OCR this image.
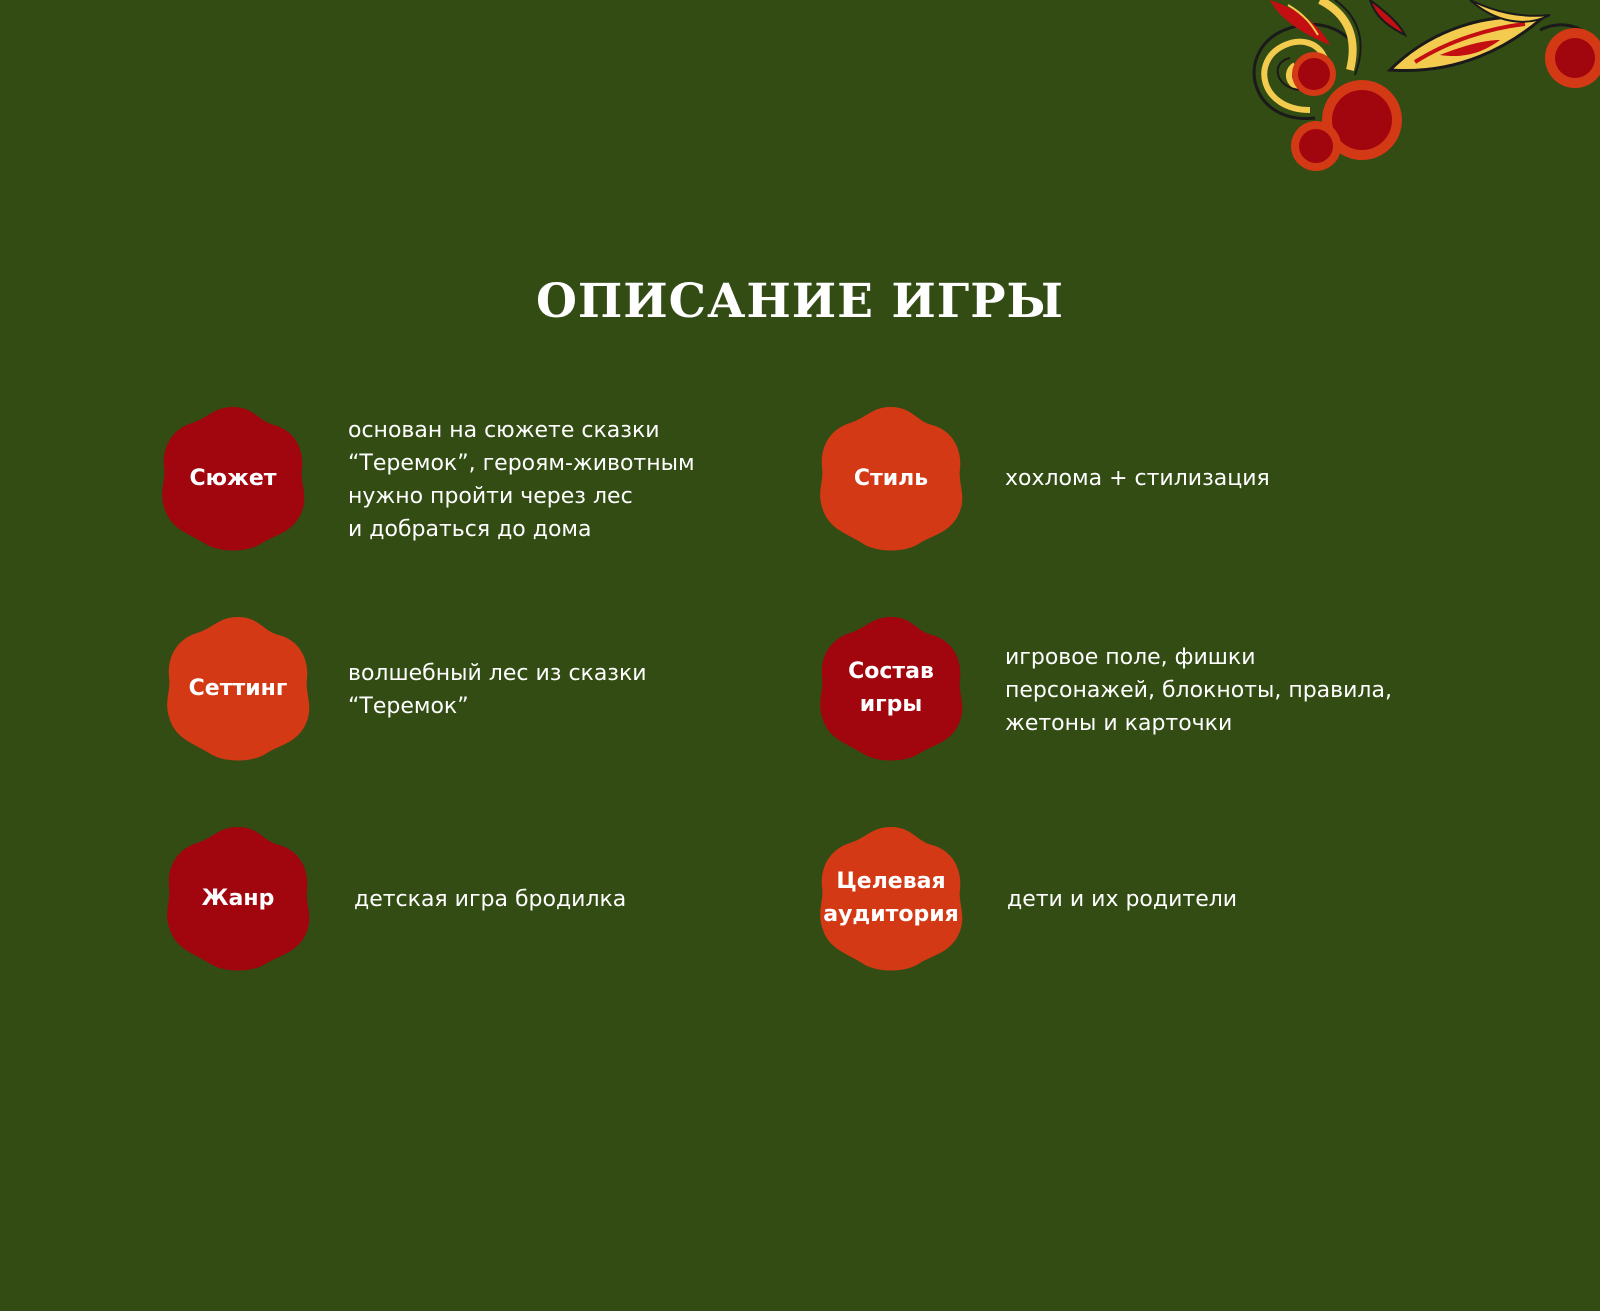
ОПИСАНИЕ ИГРЫ
Сюжет
основан на сюжете сказки
“Теремок”, героям-животным
нужно пройти через лес
и добраться до дома
Стиль	хохлома + стилизация
Сеттинг
волшебный лес из сказки
“Теремок”
Состав
игры
игровое поле, фишки
персонажей, блокноты, правила,
жетоны и карточки
Жанр	детская игра бродилка
Целевая
аудитория
дети и их родители
